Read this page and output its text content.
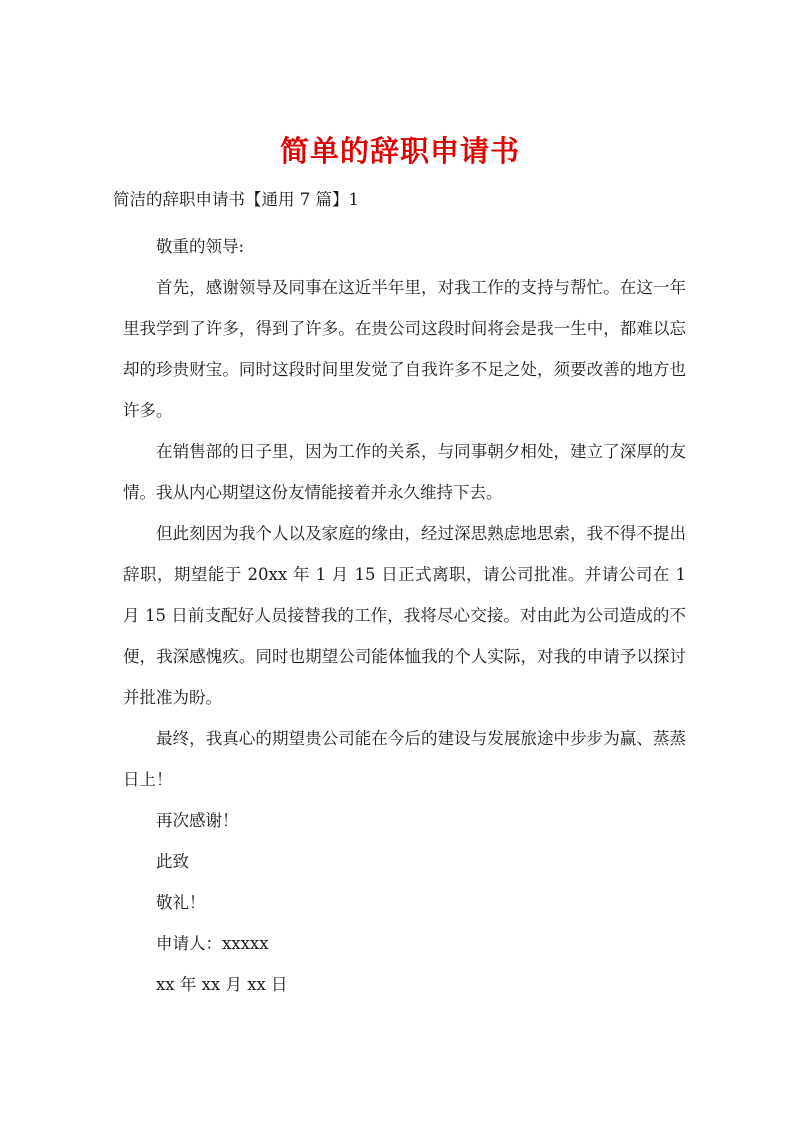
简单的辞职申请书
简洁的辞职申请书【通用 7 篇】1

敬重的领导:

首先，感谢领导及同事在这近半年里，对我工作的支持与帮忙。在这一年里我学到了许多，得到了许多。在贵公司这段时间将会是我一生中，都难以忘却的珍贵财宝。同时这段时间里发觉了自我许多不足之处，须要改善的地方也许多。

在销售部的日子里，因为工作的关系，与同事朝夕相处，建立了深厚的友情。我从内心期望这份友情能接着并永久维持下去。

但此刻因为我个人以及家庭的缘由，经过深思熟虑地思索，我不得不提出辞职，期望能于 20xx 年 1 月 15 日正式离职，请公司批准。并请公司在 1 月 15 日前支配好人员接替我的工作，我将尽心交接。对由此为公司造成的不便，我深感愧疚。同时也期望公司能体恤我的个人实际，对我的申请予以探讨并批准为盼。

最终，我真心的期望贵公司能在今后的建设与发展旅途中步步为赢、蒸蒸日上！

再次感谢！

此致

敬礼！

申请人：xxxxx

xx 年 xx 月 xx 日
